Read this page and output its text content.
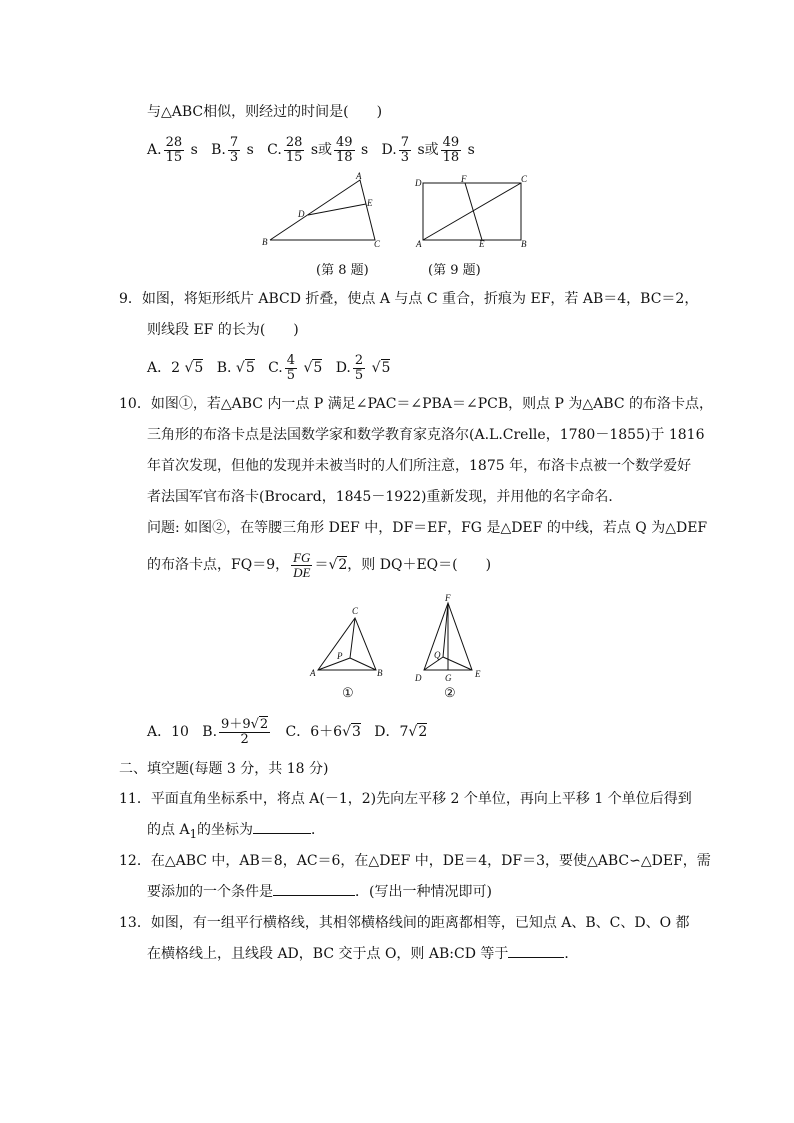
与△ABC相似，则经过的时间是(　　)
A. $\frac{28}{15}$ s B. $\frac{7}{3}$ s C. $\frac{28}{15}$ s或 $\frac{49}{18}$ s D. $\frac{7}{3}$ s或 $\frac{49}{18}$ s
A
B	C
D
E
D	F	C
A	E	B
(第 8 题)	(第 9 题)
9．如图，将矩形纸片 ABCD 折叠，使点 A 与点 C 重合，折痕为 EF，若 AB＝4，BC＝2，
则线段 EF 的长为(　　)
A．2 √5 B. √5 C. $\frac{4}{5} √5$ D. $\frac{2}{5} √5$
10．如图①，若△ABC 内一点 P 满足∠PAC＝∠PBA＝∠PCB，则点 P 为△ABC 的布洛卡点，
三角形的布洛卡点是法国数学家和数学教育家克洛尔(A.L.Crelle，1780－1855)于 1816
年首次发现，但他的发现并未被当时的人们所注意，1875 年，布洛卡点被一个数学爱好
者法国军官布洛卡(Brocard，1845－1922)重新发现，并用他的名字命名．
问题: 如图②，在等腰三角形 DEF 中，DF＝EF，FG 是△DEF 的中线，若点 Q 为△DEF
的布洛卡点，FQ＝9， $\frac{FG}{DE} =√2$，则 DQ＋EQ＝(　　)
C
A	B
P
F
Q
D	G	E
①	②
A．10 B. $\frac{9+9√2}{2}$ C．6＋6√3 D．7√2
二、填空题(每题 3 分，共 18 分)
11．平面直角坐标系中，将点 A(－1，2)先向左平移 2 个单位，再向上平移 1 个单位后得到
的点 $A_1$的坐标为	．
12．在△ABC 中，AB＝8，AC＝6，在△DEF 中，DE＝4，DF＝3，要使△ABC∽△DEF，需
要添加的一个条件是	．(写出一种情况即可)
13．如图，有一组平行横格线，其相邻横格线间的距离都相等，已知点 A、B、C、D、O 都
在横格线上，且线段 AD，BC 交于点 O，则 AB:CD 等于	．
